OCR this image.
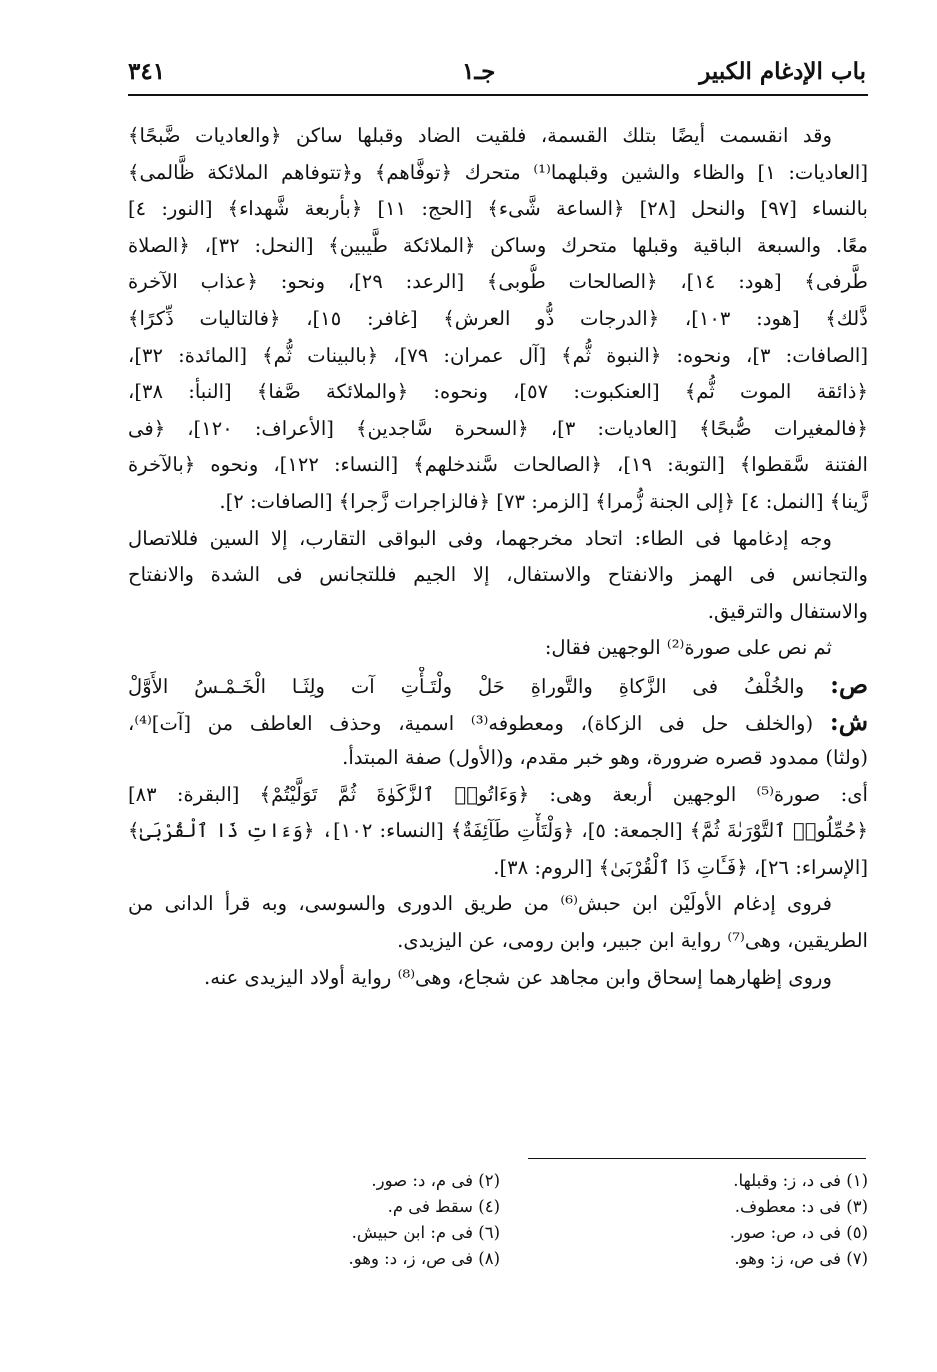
باب الإدغام الكبير
جـ١
٣٤١
وقد انقسمت أيضًا بتلك القسمة، فلقيت الضاد وقبلها ساكن ﴿والعاديات ضَّبحًا﴾
[العاديات: ١] والظاء والشين وقبلهما⁽¹⁾ متحرك ﴿توفَّاهم﴾ و﴿تتوفاهم الملائكة ظَّالمى﴾
بالنساء [٩٧] والنحل [٢٨] ﴿الساعة شَّىء﴾ [الحج: ١١] ﴿بأربعة شَّهداء﴾ [النور: ٤]
معًا. والسبعة الباقية وقبلها متحرك وساكن ﴿الملائكة طَّيبين﴾ [النحل: ٣٢]، ﴿الصلاة
طَّرفى﴾ [هود: ١٤]، ﴿الصالحات طُّوبى﴾ [الرعد: ٢٩]، ونحو: ﴿عذاب الآخرة
ذَّلك﴾ [هود: ١٠٣]، ﴿الدرجات ذُّو العرش﴾ [غافر: ١٥]، ﴿فالتاليات ذِّكرًا﴾
[الصافات: ٣]، ونحوه: ﴿النبوة ثُّم﴾ [آل عمران: ٧٩]، ﴿بالبينات ثُّم﴾ [المائدة: ٣٢]،
﴿ذائقة الموت ثُّم﴾ [العنكبوت: ٥٧]، ونحوه: ﴿والملائكة صَّفا﴾ [النبأ: ٣٨]،
﴿فالمغيرات صُّبحًا﴾ [العاديات: ٣]، ﴿السحرة سَّاجدين﴾ [الأعراف: ١٢٠]، ﴿فى
الفتنة سَّقطوا﴾ [التوبة: ١٩]، ﴿الصالحات سَّندخلهم﴾ [النساء: ١٢٢]، ونحوه ﴿بالآخرة
زَّينا﴾ [النمل: ٤] ﴿إلى الجنة زُّمرا﴾ [الزمر: ٧٣] ﴿فالزاجرات زَّجرا﴾ [الصافات: ٢].
وجه إدغامها فى الطاء: اتحاد مخرجهما، وفى البواقى التقارب، إلا السين فللاتصال
والتجانس فى الهمز والانفتاح والاستفال، إلا الجيم فللتجانس فى الشدة والانفتاح
والاستفال والترقيق.
ثم نص على صورة⁽²⁾ الوجهين فقال:
ص: والخُلْفُ فى الزَّكاةِ والتَّوراةِ حَلْ ولْتَـأْتِ آت ولِثَـا الْخَـمْـسُ الأَوَّلْ
ش: (والخلف حل فى الزكاة)، ومعطوفه⁽³⁾ اسمية، وحذف العاطف من [آت]⁽⁴⁾،
(ولثا) ممدود قصره ضرورة، وهو خبر مقدم، و(الأول) صفة المبتدأ.
أى: صورة⁽⁵⁾ الوجهين أربعة وهى: ﴿وَءَاتُوا۟ ٱلزَّكَوٰةَ ثُمَّ تَوَلَّيْتُمْ﴾ [البقرة: ٨٣]
﴿حُمِّلُوا۟ ٱلتَّوْرَىٰةَ ثُمَّ﴾ [الجمعة: ٥]، ﴿وَلْتَأْتِ طَآئِفَةٌ﴾ [النساء: ١٠٢]، ﴿وَءَاتِ ذَا ٱلْقُرْبَىٰ﴾
[الإسراء: ٢٦]، ﴿فَـَٔاتِ ذَا ٱلْقُرْبَىٰ﴾ [الروم: ٣٨].
فروى إدغام الأولَيْن ابن حبش⁽⁶⁾ من طريق الدورى والسوسى، وبه قرأ الدانى من
الطريقين، وهى⁽⁷⁾ رواية ابن جبير، وابن رومى، عن اليزيدى.
وروى إظهارهما إسحاق وابن مجاهد عن شجاع، وهى⁽⁸⁾ رواية أولاد اليزيدى عنه.
(١) فى د، ز: وقبلها.
(٢) فى م، د: صور.
(٣) فى د: معطوف.
(٤) سقط فى م.
(٥) فى د، ص: صور.
(٦) فى م: ابن حبيش.
(٧) فى ص، ز: وهو.
(٨) فى ص، ز، د: وهو.
